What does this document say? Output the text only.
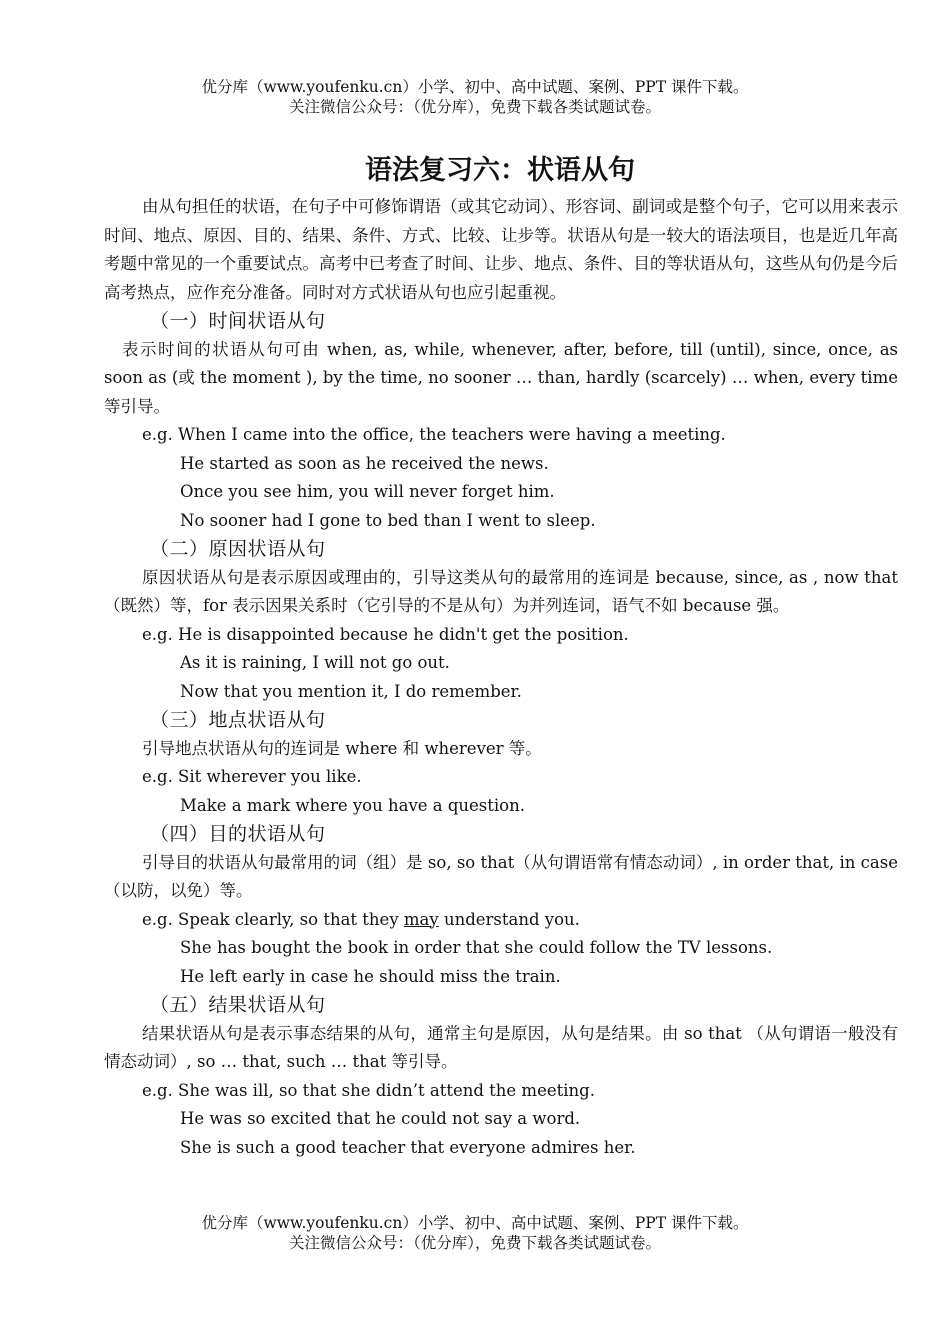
优分库（www.youfenku.cn）小学、初中、高中试题、案例、PPT 课件下载。
关注微信公众号：（优分库），免费下载各类试题试卷。
语法复习六：状语从句

由从句担任的状语，在句子中可修饰谓语（或其它动词）、形容词、副词或是整个句子，它可以用来表示时间、地点、原因、目的、结果、条件、方式、比较、让步等。状语从句是一较大的语法项目，也是近几年高考题中常见的一个重要试点。高考中已考查了时间、让步、地点、条件、目的等状语从句，这些从句仍是今后高考热点，应作充分准备。同时对方式状语从句也应引起重视。

（一）时间状语从句

表示时间的状语从句可由 when, as, while, whenever, after, before, till (until), since, once, as soon as (或 the moment ), by the time, no sooner … than, hardly (scarcely) … when, every time 等引导。

e.g. When I came into the office, the teachers were having a meeting.

He started as soon as he received the news.

Once you see him, you will never forget him.

No sooner had I gone to bed than I went to sleep.

（二）原因状语从句

原因状语从句是表示原因或理由的，引导这类从句的最常用的连词是 because, since, as , now that（既然）等，for 表示因果关系时（它引导的不是从句）为并列连词，语气不如 because 强。

e.g. He is disappointed because he didn't get the position.

As it is raining, I will not go out.

Now that you mention it, I do remember.

（三）地点状语从句

引导地点状语从句的连词是 where 和 wherever 等。

e.g. Sit wherever you like.

Make a mark where you have a question.

（四）目的状语从句

引导目的状语从句最常用的词（组）是 so, so that（从句谓语常有情态动词）, in order that, in case（以防，以免）等。

e.g. Speak clearly, so that they may understand you.

She has bought the book in order that she could follow the TV lessons.

He left early in case he should miss the train.

（五）结果状语从句

结果状语从句是表示事态结果的从句，通常主句是原因，从句是结果。由 so that （从句谓语一般没有情态动词）, so … that, such … that 等引导。

e.g. She was ill, so that she didn’t attend the meeting.

He was so excited that he could not say a word.

She is such a good teacher that everyone admires her.

优分库（www.youfenku.cn）小学、初中、高中试题、案例、PPT 课件下载。
关注微信公众号：（优分库），免费下载各类试题试卷。
